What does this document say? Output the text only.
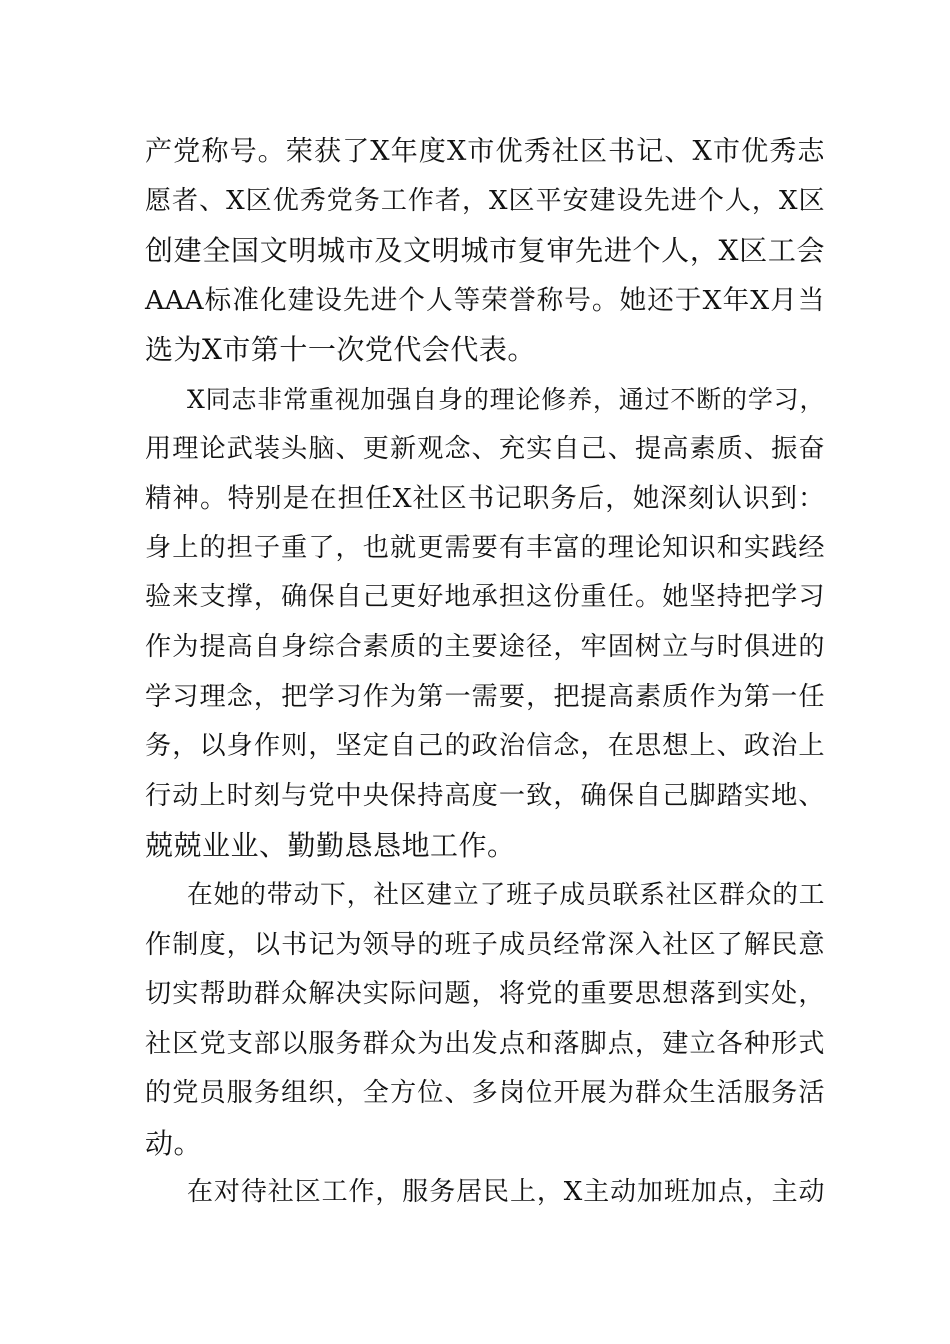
产党称号。荣获了X年度X市优秀社区书记、X市优秀志
愿者、X区优秀党务工作者，X区平安建设先进个人，X区
创建全国文明城市及文明城市复审先进个人，X区工会
AAA标准化建设先进个人等荣誉称号。她还于X年X月当
选为X市第十一次党代会代表。
X同志非常重视加强自身的理论修养，通过不断的学习，
用理论武装头脑、更新观念、充实自己、提高素质、振奋
精神。特别是在担任X社区书记职务后，她深刻认识到：
身上的担子重了，也就更需要有丰富的理论知识和实践经
验来支撑，确保自己更好地承担这份重任。她坚持把学习
作为提高自身综合素质的主要途径，牢固树立与时俱进的
学习理念，把学习作为第一需要，把提高素质作为第一任
务，以身作则，坚定自己的政治信念，在思想上、政治上
行动上时刻与党中央保持高度一致，确保自己脚踏实地、
兢兢业业、勤勤恳恳地工作。
在她的带动下，社区建立了班子成员联系社区群众的工
作制度，以书记为领导的班子成员经常深入社区了解民意
切实帮助群众解决实际问题，将党的重要思想落到实处，
社区党支部以服务群众为出发点和落脚点，建立各种形式
的党员服务组织，全方位、多岗位开展为群众生活服务活
动。
在对待社区工作，服务居民上，X主动加班加点，主动
